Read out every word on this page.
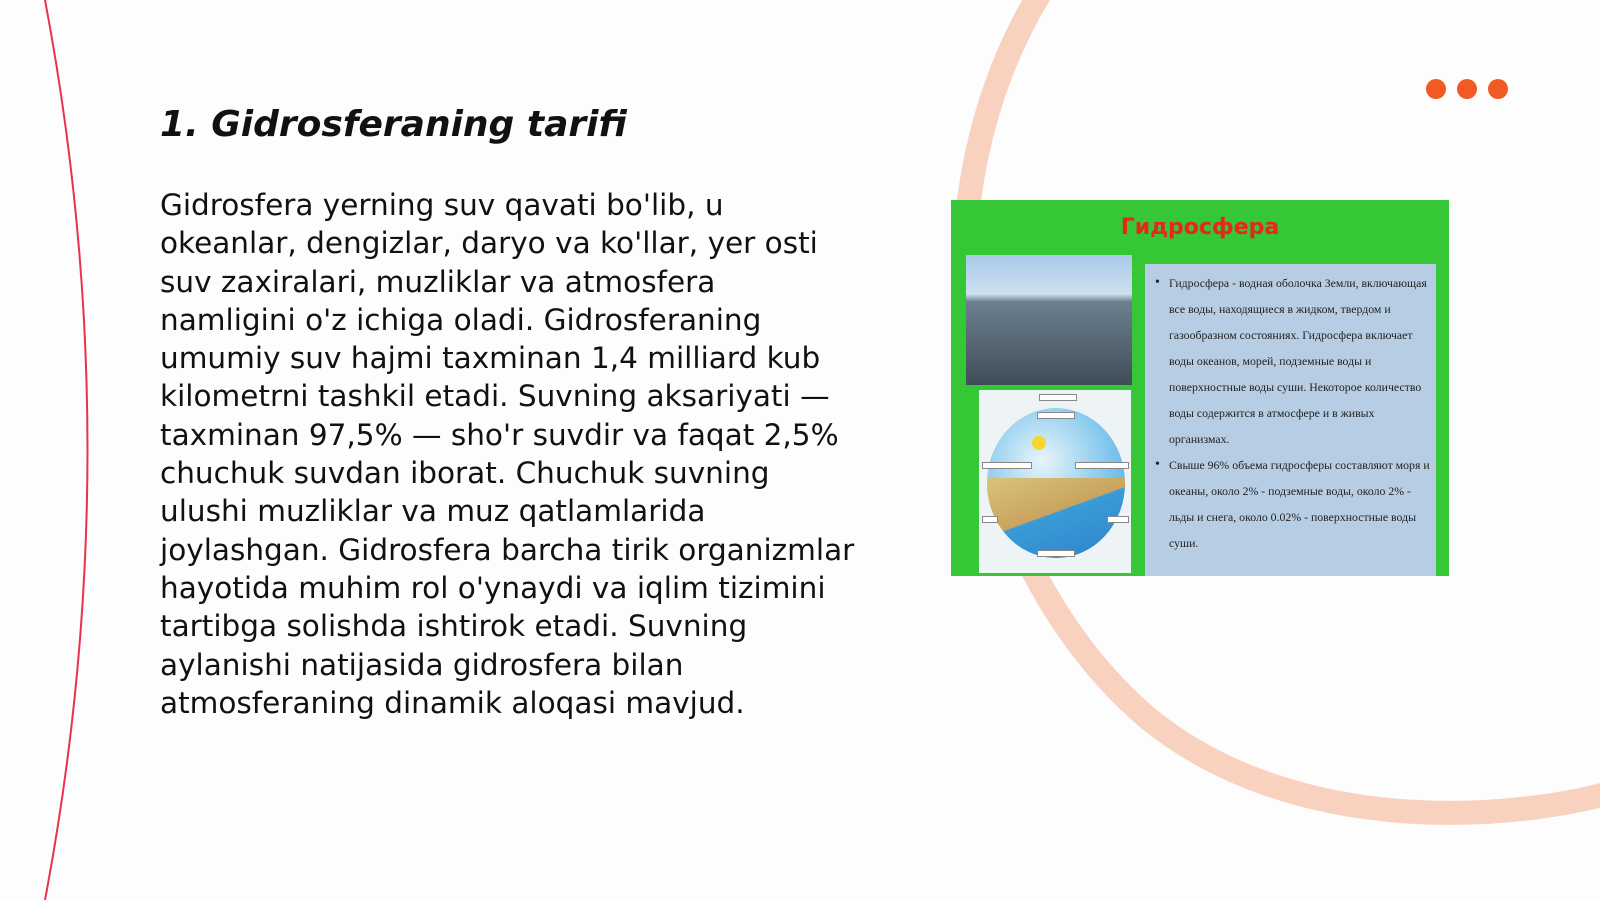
1. Gidrosferaning tarifi

Gidrosfera yerning suv qavati bo'lib, u okeanlar, dengizlar, daryo va ko'llar, yer osti suv zaxiralari, muzliklar va atmosfera namligini o'z ichiga oladi. Gidrosferaning umumiy suv hajmi taxminan 1,4 milliard kub kilometrni tashkil etadi. Suvning aksariyati — taxminan 97,5% — sho'r suvdir va faqat 2,5% chuchuk suvdan iborat. Chuchuk suvning ulushi muzliklar va muz qatlamlarida joylashgan. Gidrosfera barcha tirik organizmlar hayotida muhim rol o'ynaydi va iqlim tizimini tartibga solishda ishtirok etadi. Suvning aylanishi natijasida gidrosfera bilan atmosferaning dinamik aloqasi mavjud.

Гидросфера
• Гидросфера - водная оболочка Земли, включающая все воды, находящиеся в жидком, твердом и газообразном состояниях. Гидросфера включает воды океанов, морей, подземные воды и поверхностные воды суши. Некоторое количество воды содержится в атмосфере и в живых организмах.
• Свыше 96% объема гидросферы составляют моря и океаны, около 2% - подземные воды, около 2% - льды и снега, около 0.02% - поверхностные воды суши.
